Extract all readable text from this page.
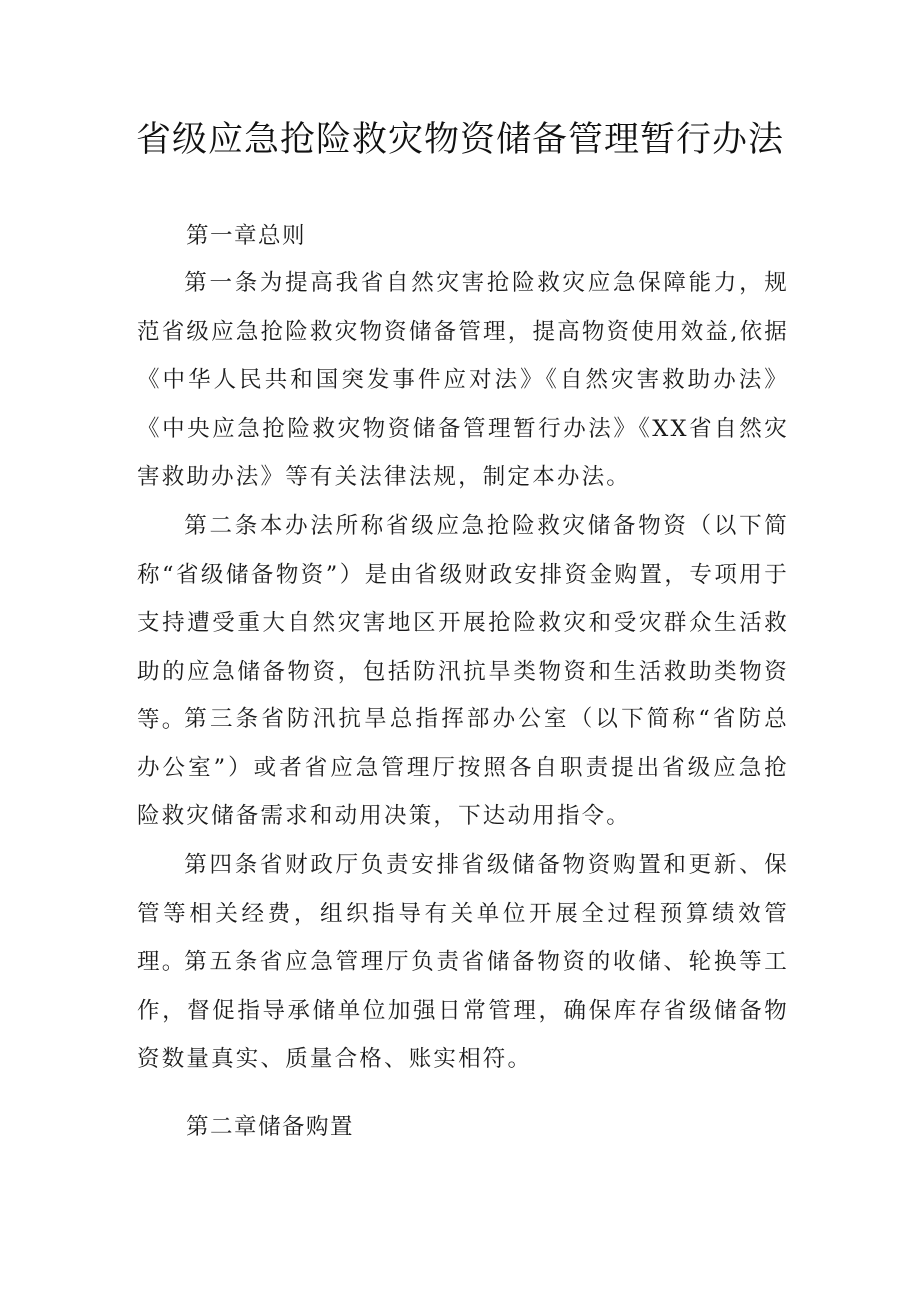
省级应急抢险救灾物资储备管理暂行办法
第一章总则

第一条为提高我省自然灾害抢险救灾应急保障能力，规范省级应急抢险救灾物资储备管理，提高物资使用效益,依据《中华人民共和国突发事件应对法》《自然灾害救助办法》《中央应急抢险救灾物资储备管理暂行办法》《XX省自然灾害救助办法》等有关法律法规，制定本办法。

第二条本办法所称省级应急抢险救灾储备物资（以下简称“省级储备物资”）是由省级财政安排资金购置，专项用于支持遭受重大自然灾害地区开展抢险救灾和受灾群众生活救助的应急储备物资，包括防汛抗旱类物资和生活救助类物资等。

第三条省防汛抗旱总指挥部办公室（以下简称“省防总办公室”）或者省应急管理厅按照各自职责提出省级应急抢险救灾储备需求和动用决策，下达动用指令。

第四条省财政厅负责安排省级储备物资购置和更新、保管等相关经费，组织指导有关单位开展全过程预算绩效管理。

第五条省应急管理厅负责省储备物资的收储、轮换等工作，督促指导承储单位加强日常管理，确保库存省级储备物资数量真实、质量合格、账实相符。

第二章储备购置
